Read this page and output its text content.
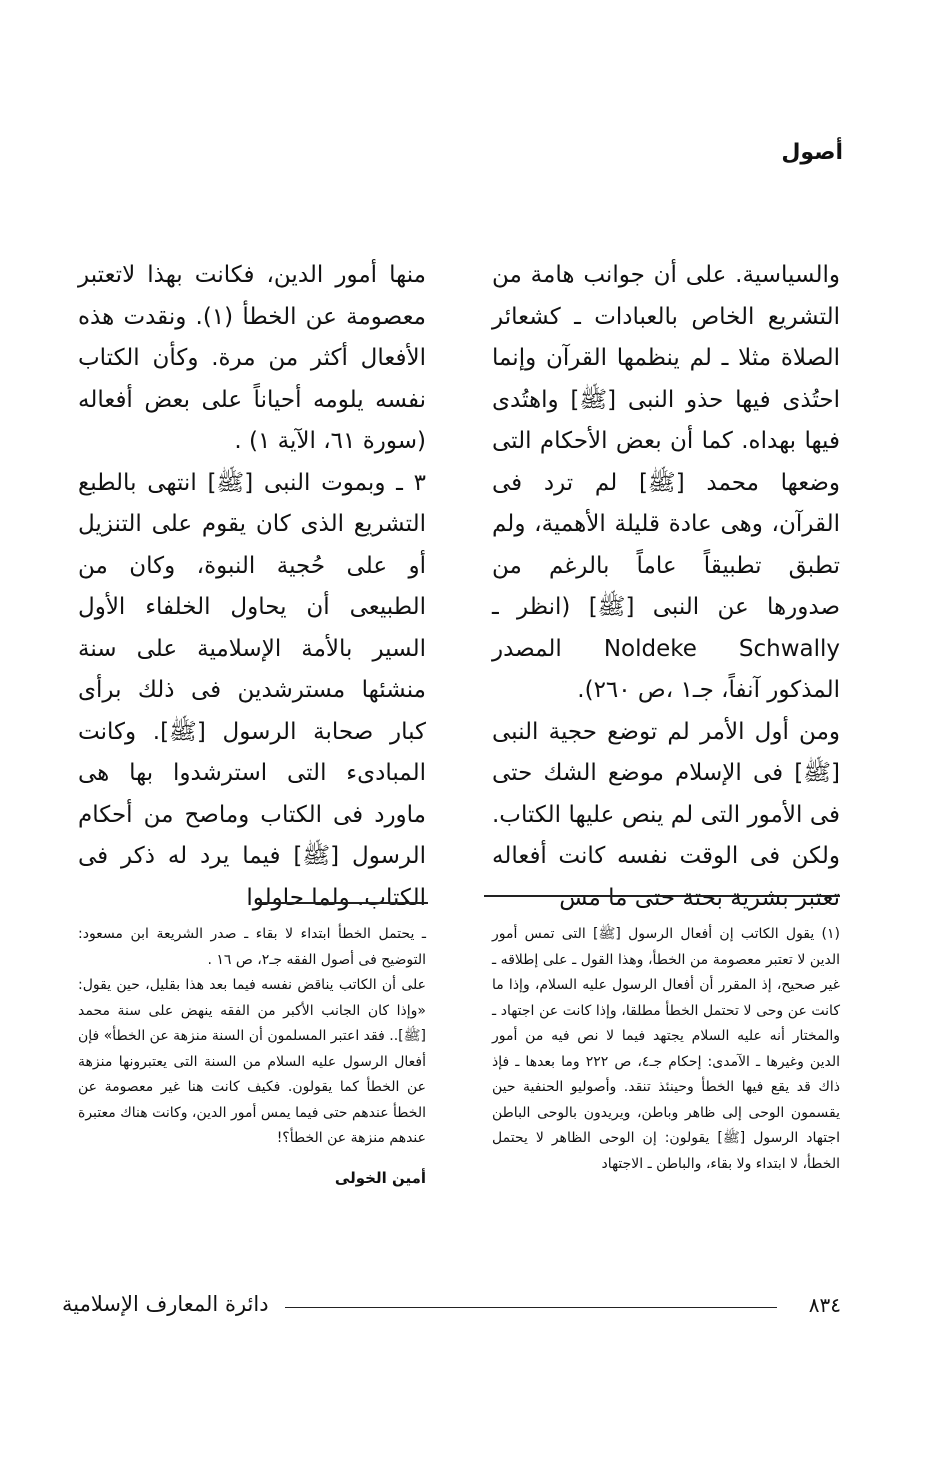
أصول

والسياسية. على أن جوانب هامة من التشريع الخاص بالعبادات ـ كشعائر الصلاة مثلا ـ لم ينظمها القرآن وإنما احتُذى فيها حذو النبى [ﷺ] واهتُدى فيها بهداه. كما أن بعض الأحكام التى وضعها محمد [ﷺ] لم ترد فى القرآن، وهى عادة قليلة الأهمية، ولم تطبق تطبيقاً عاماً بالرغم من صدورها عن النبى [ﷺ] (انظر ـ Noldeke Schwally المصدر المذكور آنفاً، جـ١ ،ص ٢٦٠).

ومن أول الأمر لم توضع حجية النبى [ﷺ] فى الإسلام موضع الشك حتى فى الأمور التى لم ينص عليها الكتاب. ولكن فى الوقت نفسه كانت أفعاله تعتبر بشرية بحتة حتى ما مس

منها أمور الدين، فكانت بهذا لاتعتبر معصومة عن الخطأ (١). ونقدت هذه الأفعال أكثر من مرة. وكأن الكتاب نفسه يلومه أحياناً على بعض أفعاله (سورة ٦١، الآية ١) .

٣ ـ وبموت النبى [ﷺ] انتهى بالطبع التشريع الذى كان يقوم على التنزيل أو على حُجية النبوة، وكان من الطبيعى أن يحاول الخلفاء الأول السير بالأمة الإسلامية على سنة منشئها مسترشدين فى ذلك برأى كبار صحابة الرسول [ﷺ]. وكانت المبادىء التى استرشدوا بها هى ماورد فى الكتاب وماصح من أحكام الرسول [ﷺ] فيما يرد له ذكر فى الكتاب. ولما حاولوا

(١) يقول الكاتب إن أفعال الرسول [ﷺ] التى تمس أمور الدين لا تعتبر معصومة من الخطأ، وهذا القول ـ على إطلاقه ـ غير صحيح، إذ المقرر أن أفعال الرسول عليه السلام، وإذا ما كانت عن وحى لا تحتمل الخطأ مطلقا، وإذا كانت عن اجتهاد ـ والمختار أنه عليه السلام يجتهد فيما لا نص فيه من أمور الدين وغيرها ـ الآمدى: إحكام جـ٤، ص ٢٢٢ وما بعدها ـ فإذ ذاك قد يقع فيها الخطأ وحينئذ تنقد. وأصوليو الحنفية حين يقسمون الوحى إلى ظاهر وباطن، ويريدون بالوحى الباطن اجتهاد الرسول [ﷺ] يقولون: إن الوحى الظاهر لا يحتمل الخطأ، لا ابتداء ولا بقاء، والباطن ـ الاجتهاد

ـ يحتمل الخطأ ابتداء لا بقاء ـ صدر الشريعة ابن مسعود: التوضيح فى أصول الفقه جـ٢، ص ١٦ .

على أن الكاتب يناقض نفسه فيما بعد هذا بقليل، حين يقول: «وإذا كان الجانب الأكبر من الفقه ينهض على سنة محمد [ﷺ].. فقد اعتبر المسلمون أن السنة منزهة عن الخطأ» فإن أفعال الرسول عليه السلام من السنة التى يعتبرونها منزهة عن الخطأ كما يقولون. فكيف كانت هنا غير معصومة عن الخطأ عندهم حتى فيما يمس أمور الدين، وكانت هناك معتبرة عندهم منزهة عن الخطأ؟!

أمين الخولى

٨٣٤
دائرة المعارف الإسلامية
